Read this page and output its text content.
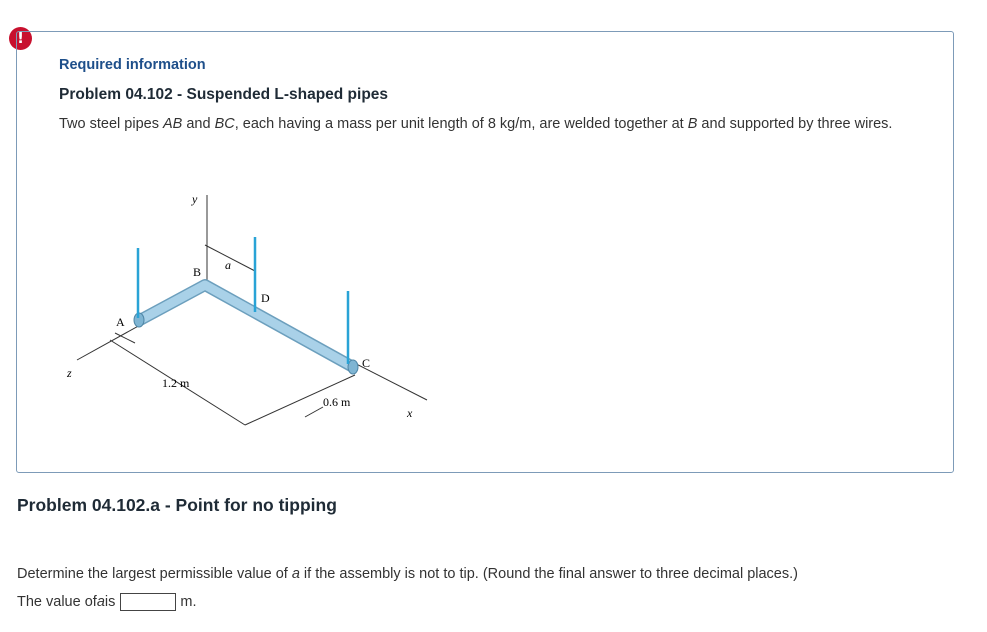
!
Required information
Problem 04.102 - Suspended L-shaped pipes
Two steel pipes AB and BC, each having a mass per unit length of 8 kg/m, are welded together at B and supported by three wires.
y
x
z
A
B
C
D
a
1.2 m
0.6 m
Problem 04.102.a - Point for no tipping
Determine the largest permissible value of a if the assembly is not to tip. (Round the final answer to three decimal places.)
The value of a is	m.
